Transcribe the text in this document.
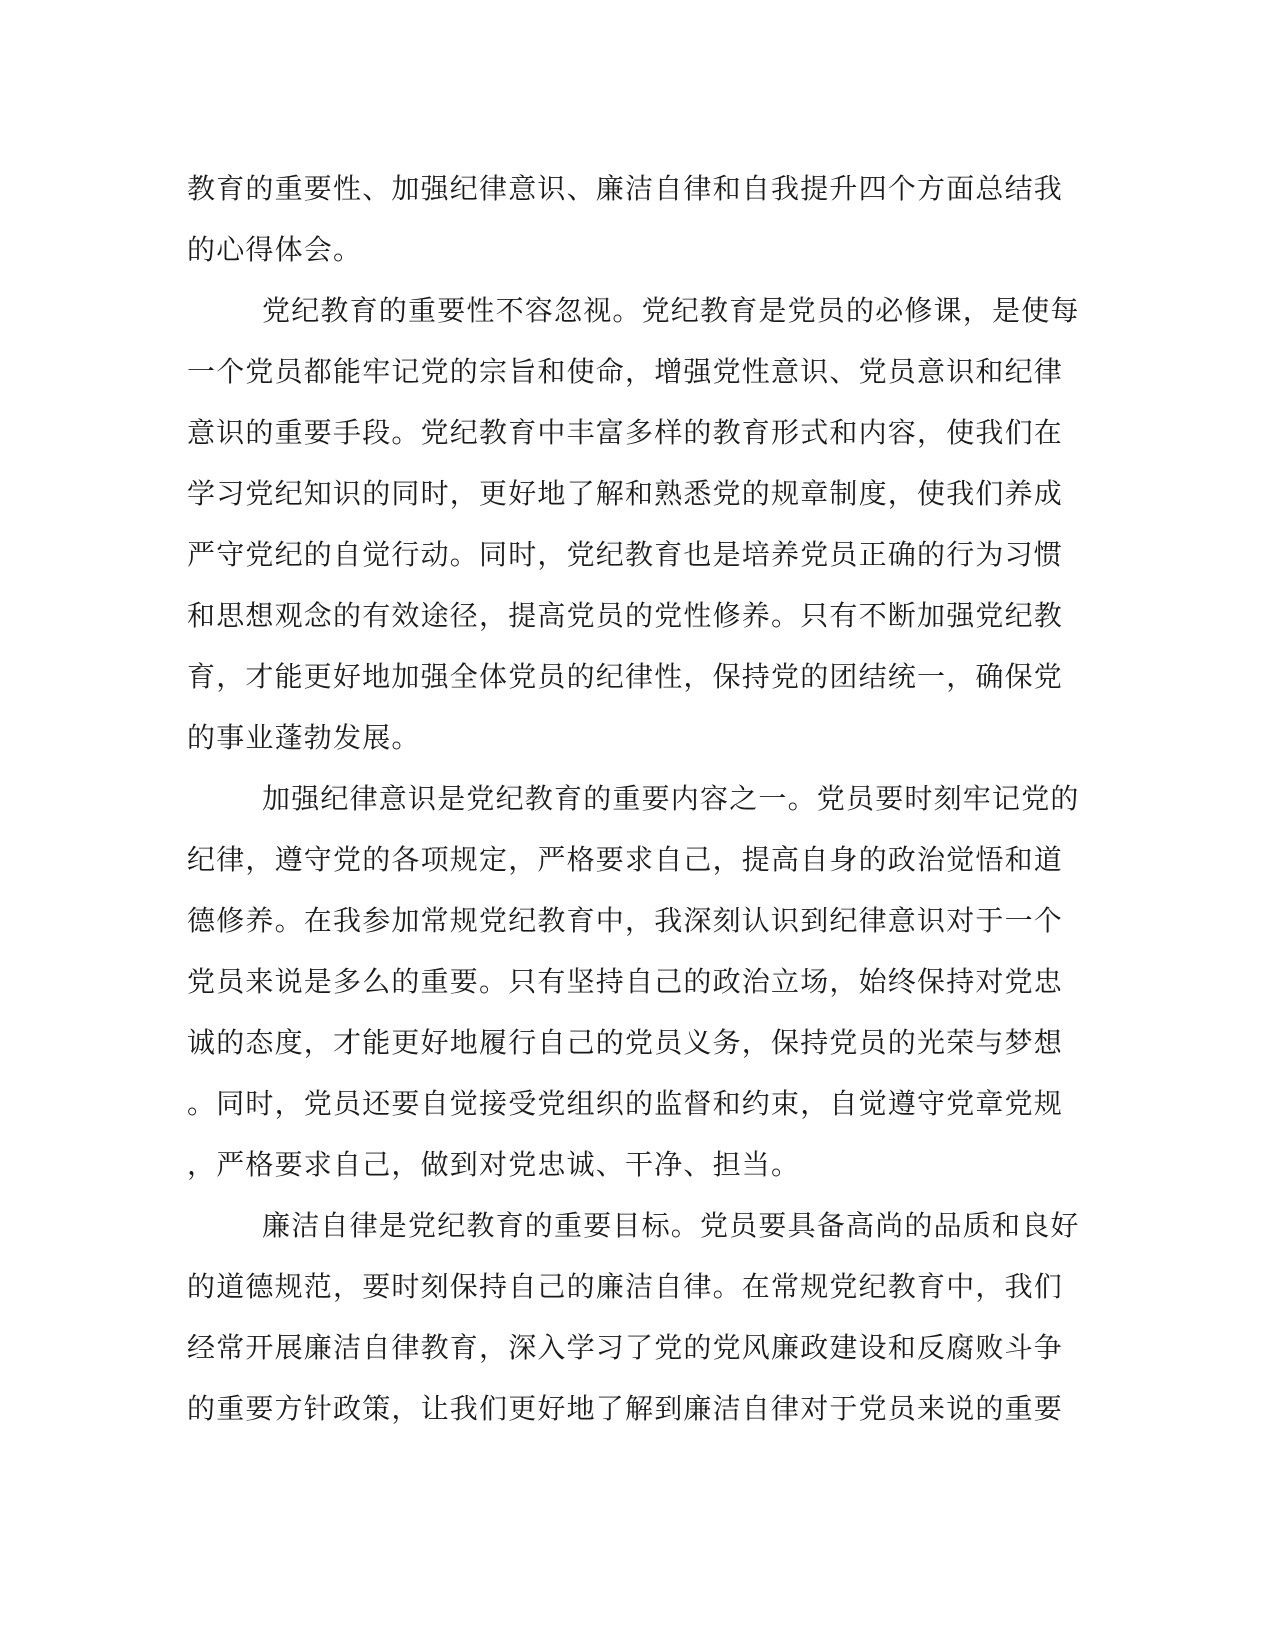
教育的重要性、加强纪律意识、廉洁自律和自我提升四个方面总结我
的心得体会。
党纪教育的重要性不容忽视。党纪教育是党员的必修课，是使每
一个党员都能牢记党的宗旨和使命，增强党性意识、党员意识和纪律
意识的重要手段。党纪教育中丰富多样的教育形式和内容，使我们在
学习党纪知识的同时，更好地了解和熟悉党的规章制度，使我们养成
严守党纪的自觉行动。同时，党纪教育也是培养党员正确的行为习惯
和思想观念的有效途径，提高党员的党性修养。只有不断加强党纪教
育，才能更好地加强全体党员的纪律性，保持党的团结统一，确保党
的事业蓬勃发展。
加强纪律意识是党纪教育的重要内容之一。党员要时刻牢记党的
纪律，遵守党的各项规定，严格要求自己，提高自身的政治觉悟和道
德修养。在我参加常规党纪教育中，我深刻认识到纪律意识对于一个
党员来说是多么的重要。只有坚持自己的政治立场，始终保持对党忠
诚的态度，才能更好地履行自己的党员义务，保持党员的光荣与梦想
。同时，党员还要自觉接受党组织的监督和约束，自觉遵守党章党规
，严格要求自己，做到对党忠诚、干净、担当。
廉洁自律是党纪教育的重要目标。党员要具备高尚的品质和良好
的道德规范，要时刻保持自己的廉洁自律。在常规党纪教育中，我们
经常开展廉洁自律教育，深入学习了党的党风廉政建设和反腐败斗争
的重要方针政策，让我们更好地了解到廉洁自律对于党员来说的重要
